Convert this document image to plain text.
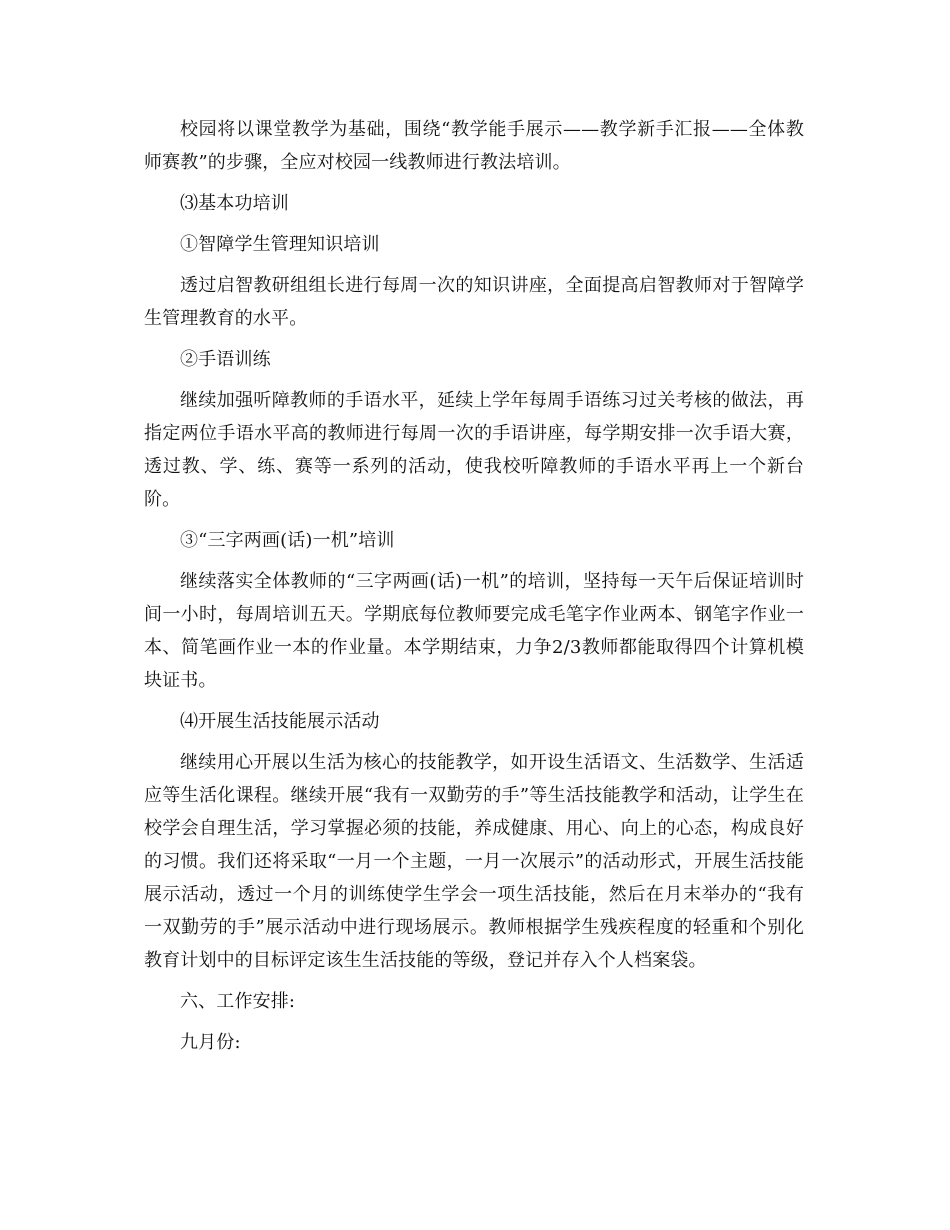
校园将以课堂教学为基础，围绕“教学能手展示——教学新手汇报——全体教师赛教”的步骤，全应对校园一线教师进行教法培训。

⑶基本功培训

①智障学生管理知识培训

透过启智教研组组长进行每周一次的知识讲座，全面提高启智教师对于智障学生管理教育的水平。

②手语训练

继续加强听障教师的手语水平，延续上学年每周手语练习过关考核的做法，再指定两位手语水平高的教师进行每周一次的手语讲座，每学期安排一次手语大赛，透过教、学、练、赛等一系列的活动，使我校听障教师的手语水平再上一个新台阶。

③“三字两画(话)一机”培训

继续落实全体教师的“三字两画(话)一机”的培训，坚持每一天午后保证培训时间一小时，每周培训五天。学期底每位教师要完成毛笔字作业两本、钢笔字作业一本、简笔画作业一本的作业量。本学期结束，力争2/3教师都能取得四个计算机模块证书。

⑷开展生活技能展示活动

继续用心开展以生活为核心的技能教学，如开设生活语文、生活数学、生活适应等生活化课程。继续开展“我有一双勤劳的手”等生活技能教学和活动，让学生在校学会自理生活，学习掌握必须的技能，养成健康、用心、向上的心态，构成良好的习惯。我们还将采取“一月一个主题，一月一次展示”的活动形式，开展生活技能展示活动，透过一个月的训练使学生学会一项生活技能，然后在月末举办的“我有一双勤劳的手”展示活动中进行现场展示。教师根据学生残疾程度的轻重和个别化教育计划中的目标评定该生生活技能的等级，登记并存入个人档案袋。

六、工作安排:

九月份:
